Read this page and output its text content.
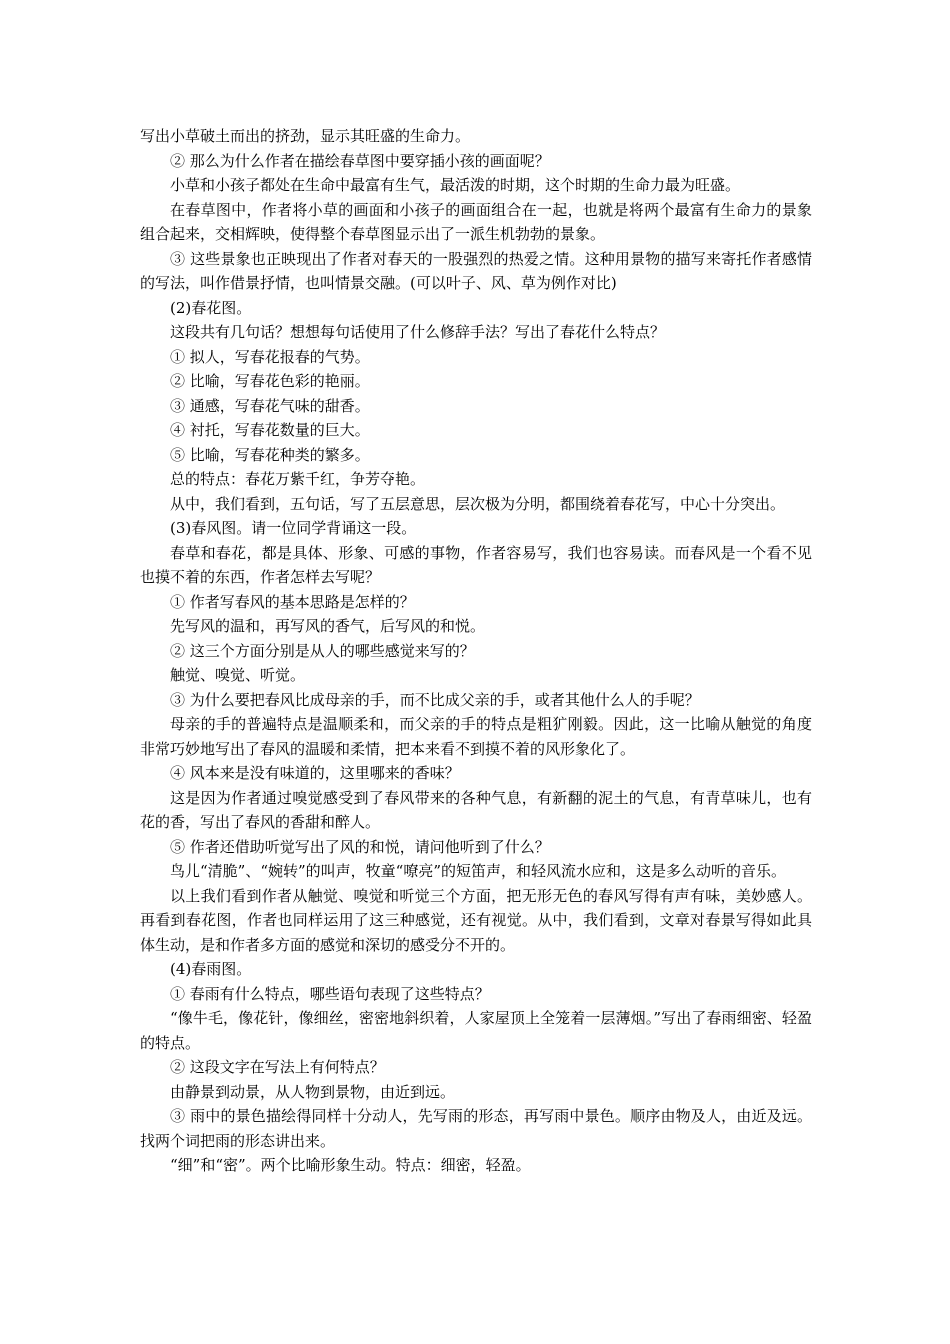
写出小草破土而出的挤劲，显示其旺盛的生命力。

② 那么为什么作者在描绘春草图中要穿插小孩的画面呢？

小草和小孩子都处在生命中最富有生气，最活泼的时期，这个时期的生命力最为旺盛。

在春草图中，作者将小草的画面和小孩子的画面组合在一起，也就是将两个最富有生命力的景象组合起来，交相辉映，使得整个春草图显示出了一派生机勃勃的景象。

③ 这些景象也正映现出了作者对春天的一股强烈的热爱之情。这种用景物的描写来寄托作者感情的写法，叫作借景抒情，也叫情景交融。(可以叶子、风、草为例作对比)

(2)春花图。

这段共有几句话？想想每句话使用了什么修辞手法？写出了春花什么特点？

① 拟人，写春花报春的气势。

② 比喻，写春花色彩的艳丽。

③ 通感，写春花气味的甜香。

④ 衬托，写春花数量的巨大。

⑤ 比喻，写春花种类的繁多。

总的特点：春花万紫千红，争芳夺艳。

从中，我们看到，五句话，写了五层意思，层次极为分明，都围绕着春花写，中心十分突出。

(3)春风图。请一位同学背诵这一段。

春草和春花，都是具体、形象、可感的事物，作者容易写，我们也容易读。而春风是一个看不见也摸不着的东西，作者怎样去写呢？

① 作者写春风的基本思路是怎样的？

先写风的温和，再写风的香气，后写风的和悦。

② 这三个方面分别是从人的哪些感觉来写的？

触觉、嗅觉、听觉。

③ 为什么要把春风比成母亲的手，而不比成父亲的手，或者其他什么人的手呢？

母亲的手的普遍特点是温顺柔和，而父亲的手的特点是粗犷刚毅。因此，这一比喻从触觉的角度非常巧妙地写出了春风的温暖和柔情，把本来看不到摸不着的风形象化了。

④ 风本来是没有味道的，这里哪来的香味？

这是因为作者通过嗅觉感受到了春风带来的各种气息，有新翻的泥土的气息，有青草味儿，也有花的香，写出了春风的香甜和醉人。

⑤ 作者还借助听觉写出了风的和悦，请问他听到了什么？

鸟儿“清脆”、“婉转”的叫声，牧童“嘹亮”的短笛声，和轻风流水应和，这是多么动听的音乐。

以上我们看到作者从触觉、嗅觉和听觉三个方面，把无形无色的春风写得有声有味，美妙感人。再看到春花图，作者也同样运用了这三种感觉，还有视觉。从中，我们看到，文章对春景写得如此具体生动，是和作者多方面的感觉和深切的感受分不开的。

(4)春雨图。

① 春雨有什么特点，哪些语句表现了这些特点？

“像牛毛，像花针，像细丝，密密地斜织着，人家屋顶上全笼着一层薄烟。”写出了春雨细密、轻盈的特点。

② 这段文字在写法上有何特点？

由静景到动景，从人物到景物，由近到远。

③ 雨中的景色描绘得同样十分动人，先写雨的形态，再写雨中景色。顺序由物及人，由近及远。找两个词把雨的形态讲出来。

“细”和“密”。两个比喻形象生动。特点：细密，轻盈。
